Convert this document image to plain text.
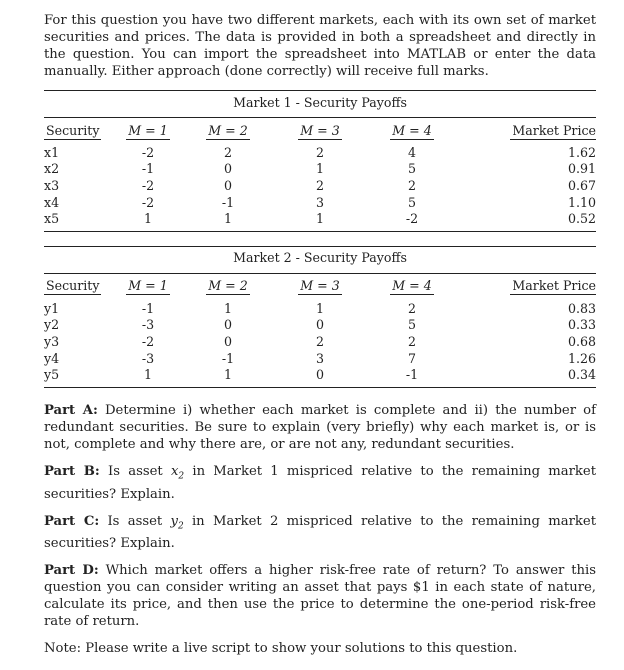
For this question you have two different markets, each with its own set of market securities and prices. The data is provided in both a spreadsheet and directly in the question. You can import the spreadsheet into MATLAB or enter the data manually. Either approach (done correctly) will receive full marks.

Market 1 - Security Payoffs					

Security	M = 1	M = 2	M = 3	M = 4	Market Price
x1	-2	2	2	4	1.62
x2	-1	0	1	5	0.91
x3	-2	0	2	2	0.67
x4	-2	-1	3	5	1.10
x5	1	1	1	-2	0.52

Market 2 - Security Payoffs					

Security	M = 1	M = 2	M = 3	M = 4	Market Price
y1	-1	1	1	2	0.83
y2	-3	0	0	5	0.33
y3	-2	0	2	2	0.68
y4	-3	-1	3	7	1.26
y5	1	1	0	-1	0.34

Part A: Determine i) whether each market is complete and ii) the number of redundant securities. Be sure to explain (very briefly) why each market is, or is not, complete and why there are, or are not any, redundant securities.

Part B: Is asset $x_2$ in Market 1 mispriced relative to the remaining market securities? Explain.

Part C: Is asset $y_2$ in Market 2 mispriced relative to the remaining market securities? Explain.

Part D: Which market offers a higher risk-free rate of return? To answer this question you can consider writing an asset that pays $1 in each state of nature, calculate its price, and then use the price to determine the one-period risk-free rate of return.

Note: Please write a live script to show your solutions to this question.
